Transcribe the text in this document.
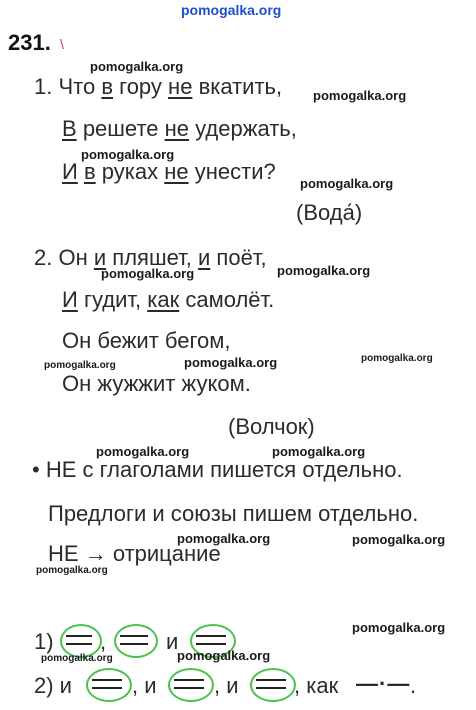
pomogalka.org
231. \
1. Что в гору не вкатить,
В решете не удержать,
И в руках не унести?
(Вода́)
2. Он и пляшет, и поёт,
И гудит, как самолёт.
Он бежит бегом,
Он жужжит жуком.
(Волчок)
• НЕ с глаголами пишется отдельно.
Предлоги и союзы пишем отдельно.
НЕ → отрицание
1) ,	и
2) и	, и	, и	, как —·— .
pomogalka.org
pomogalka.org
pomogalka.org
pomogalka.org
pomogalka.org	pomogalka.org
pomogalka.org	pomogalka.org	pomogalka.org
pomogalka.org	pomogalka.org
pomogalka.org	pomogalka.org
pomogalka.org
pomogalka.org
pomogalka.org	pomogalka.org
